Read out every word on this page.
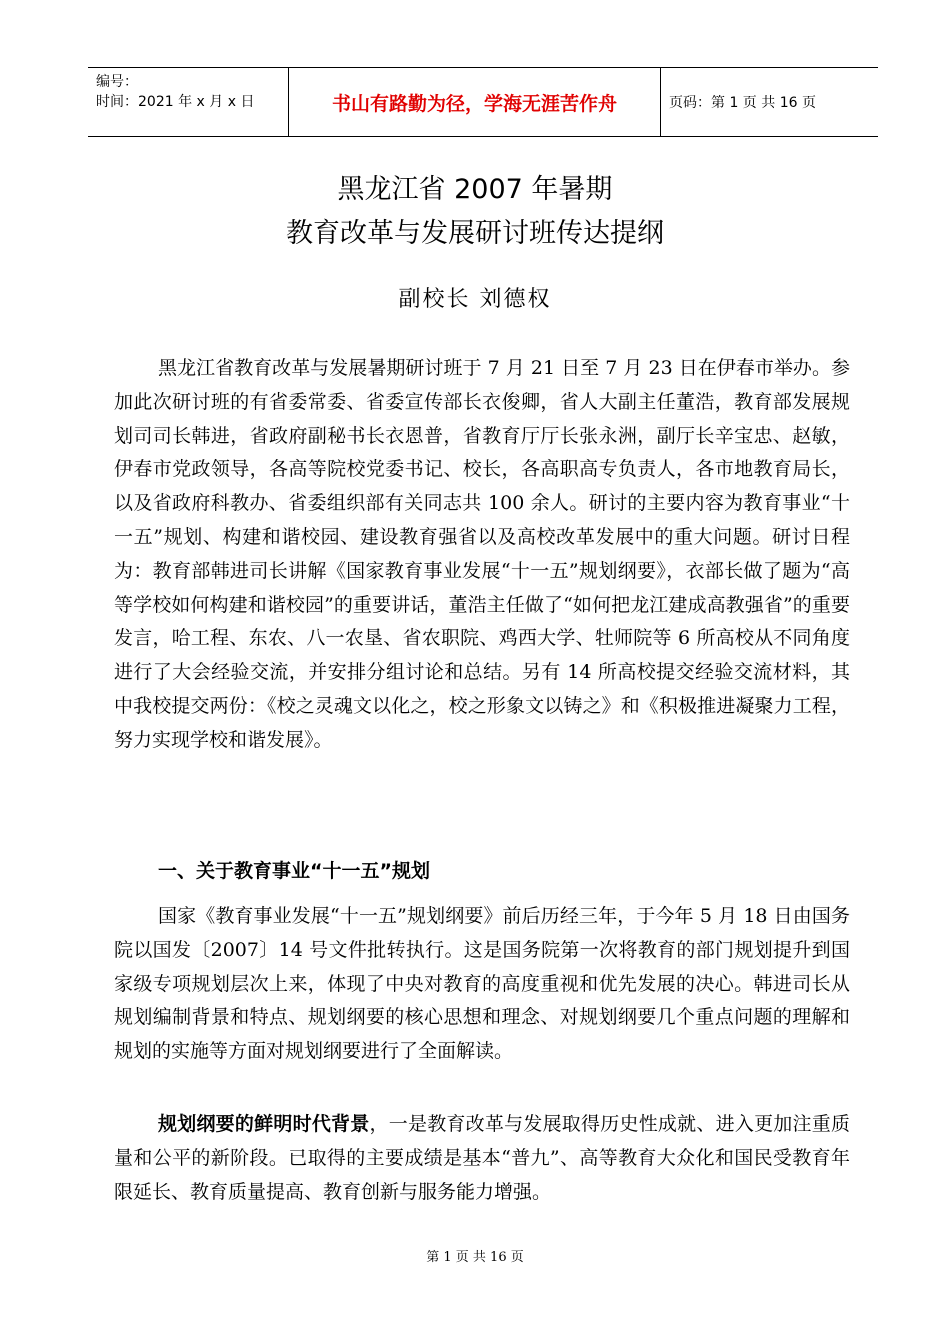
编号：
时间：2021 年 x 月 x 日	书山有路勤为径，学海无涯苦作舟	页码：第 1 页 共 16 页
黑龙江省 2007 年暑期
教育改革与发展研讨班传达提纲
副校长 刘德权
黑龙江省教育改革与发展暑期研讨班于 7 月 21 日至 7 月 23 日在伊春市举办。参加此次研讨班的有省委常委、省委宣传部长衣俊卿，省人大副主任董浩，教育部发展规划司司长韩进，省政府副秘书长衣恩普，省教育厅厅长张永洲，副厅长辛宝忠、赵敏，伊春市党政领导，各高等院校党委书记、校长，各高职高专负责人，各市地教育局长，以及省政府科教办、省委组织部有关同志共 100 余人。研讨的主要内容为教育事业“十一五”规划、构建和谐校园、建设教育强省以及高校改革发展中的重大问题。研讨日程为：教育部韩进司长讲解《国家教育事业发展“十一五”规划纲要》，衣部长做了题为“高等学校如何构建和谐校园”的重要讲话，董浩主任做了“如何把龙江建成高教强省”的重要发言，哈工程、东农、八一农垦、省农职院、鸡西大学、牡师院等 6 所高校从不同角度进行了大会经验交流，并安排分组讨论和总结。另有 14 所高校提交经验交流材料，其中我校提交两份：《校之灵魂文以化之，校之形象文以铸之》和《积极推进凝聚力工程，努力实现学校和谐发展》。
一、关于教育事业“十一五”规划
国家《教育事业发展“十一五”规划纲要》前后历经三年，于今年 5 月 18 日由国务院以国发〔2007〕14 号文件批转执行。这是国务院第一次将教育的部门规划提升到国家级专项规划层次上来，体现了中央对教育的高度重视和优先发展的决心。韩进司长从规划编制背景和特点、规划纲要的核心思想和理念、对规划纲要几个重点问题的理解和规划的实施等方面对规划纲要进行了全面解读。
规划纲要的鲜明时代背景，一是教育改革与发展取得历史性成就、进入更加注重质量和公平的新阶段。已取得的主要成绩是基本“普九”、高等教育大众化和国民受教育年限延长、教育质量提高、教育创新与服务能力增强。
第 1 页 共 16 页
